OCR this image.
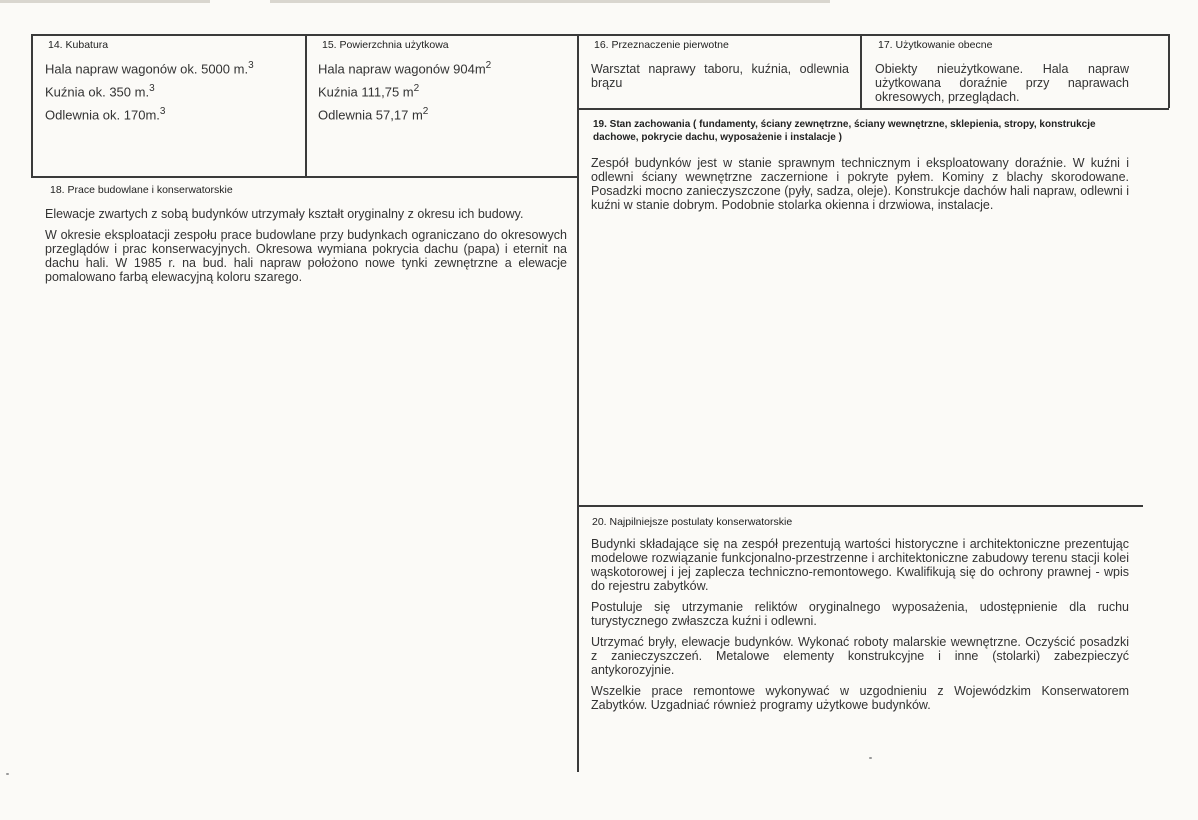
14. Kubatura
Hala napraw wagonów ok. 5000 m.$^3$
Kuźnia ok. 350 m.$^3$
Odlewnia ok. 170m.$^3$
15. Powierzchnia użytkowa
Hala napraw wagonów $904m^2$
Kuźnia 111,75 $m^2$
Odlewnia 57,17 $m^2$
16. Przeznaczenie pierwotne

Warsztat naprawy taboru, kuźnia, odlewnia brązu

17. Użytkowanie obecne

Obiekty nieużytkowane. Hala napraw użytkowana doraźnie przy naprawach okresowych, przeglądach.

18. Prace budowlane i konserwatorskie

Elewacje zwartych z sobą budynków utrzymały kształt oryginalny z okresu ich budowy.

W okresie eksploatacji zespołu prace budowlane przy budynkach ograniczano do okresowych przeglądów i prac konserwacyjnych. Okresowa wymiana pokrycia dachu (papa) i eternit na dachu hali. W 1985 r. na bud. hali napraw położono nowe tynki zewnętrzne a elewacje pomalowano farbą elewacyjną koloru szarego.

19. Stan zachowania ( fundamenty, ściany zewnętrzne, ściany wewnętrzne, sklepienia, stropy, konstrukcje dachowe, pokrycie dachu, wyposażenie i instalacje )

Zespół budynków jest w stanie sprawnym technicznym i eksploatowany doraźnie. W kuźni i odlewni ściany wewnętrzne zaczernione i pokryte pyłem. Kominy z blachy skorodowane. Posadzki mocno zanieczyszczone (pyły, sadza, oleje). Konstrukcje dachów hali napraw, odlewni i kuźni w stanie dobrym. Podobnie stolarka okienna i drzwiowa, instalacje.

20. Najpilniejsze postulaty konserwatorskie

Budynki składające się na zespół prezentują wartości historyczne i architektoniczne prezentując modelowe rozwiązanie funkcjonalno-przestrzenne i architektoniczne zabudowy terenu stacji kolei wąskotorowej i jej zaplecza techniczno-remontowego. Kwalifikują się do ochrony prawnej - wpis do rejestru zabytków.

Postuluje się utrzymanie reliktów oryginalnego wyposażenia, udostępnienie dla ruchu turystycznego zwłaszcza kuźni i odlewni.

Utrzymać bryły, elewacje budynków. Wykonać roboty malarskie wewnętrzne. Oczyścić posadzki z zanieczyszczeń. Metalowe elementy konstrukcyjne i inne (stolarki) zabezpieczyć antykorozyjnie.

Wszelkie prace remontowe wykonywać w uzgodnieniu z Wojewódzkim Konserwatorem Zabytków. Uzgadniać również programy użytkowe budynków.
